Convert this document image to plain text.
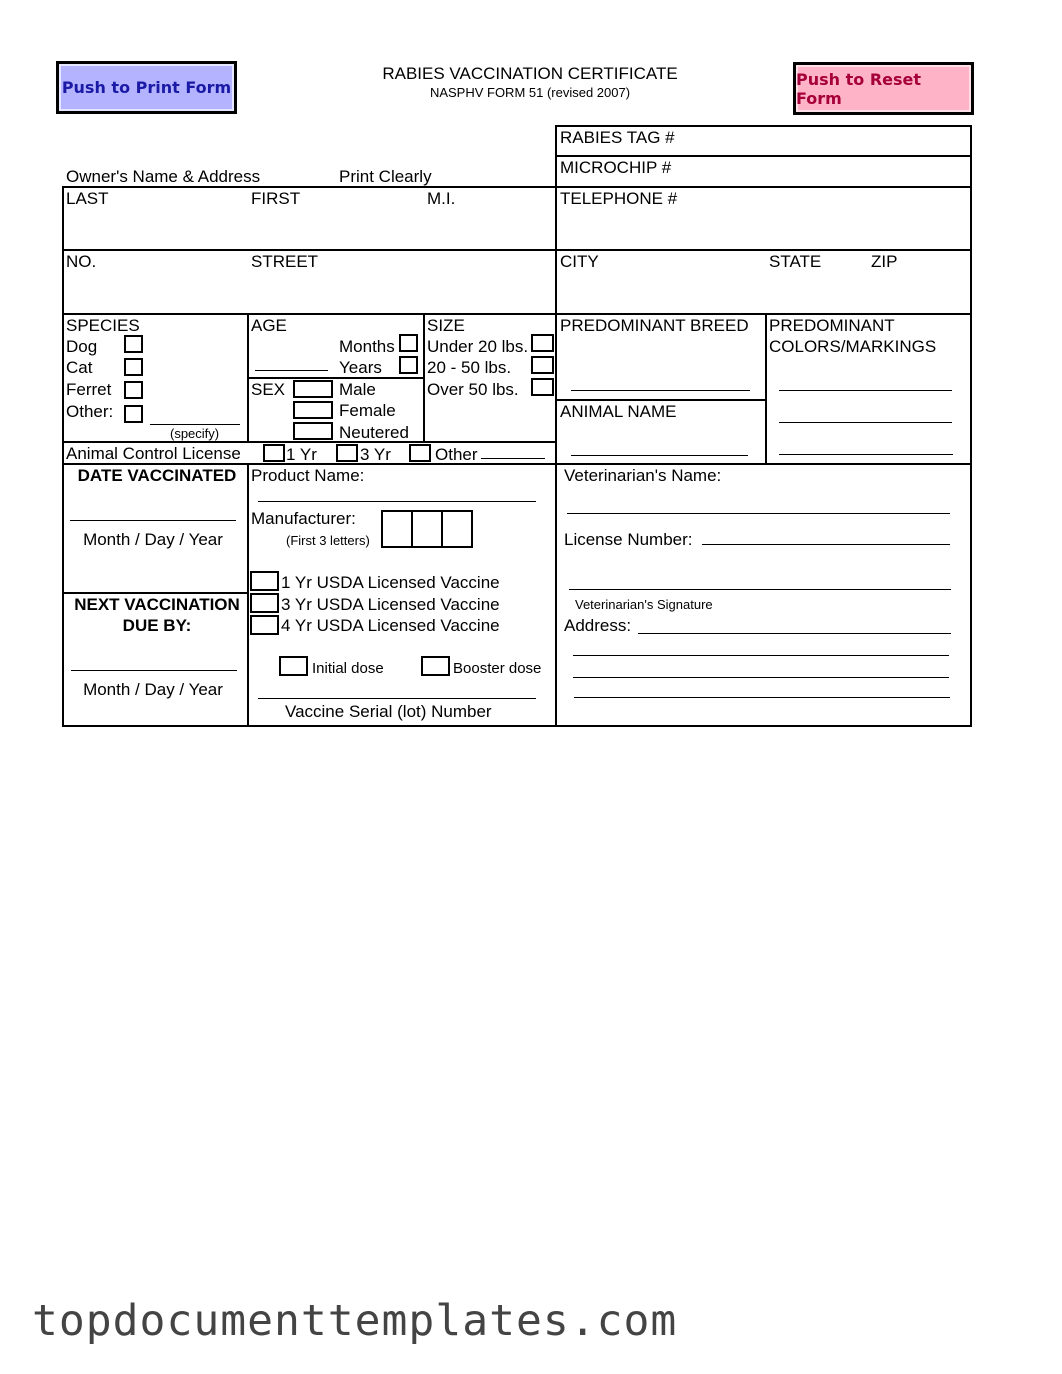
Push to Print Form	Push to Reset Form
RABIES VACCINATION CERTIFICATE
NASPHV FORM 51 (revised 2007)
Owner's Name & Address	Print Clearly
RABIES TAG #
MICROCHIP #
TELEPHONE #
LAST	FIRST	M.I.
NO.	STREET	CITY	STATE	ZIP
SPECIES
Dog
Cat
Ferret
Other:
(specify)
AGE
Months
Years
SEX	Male
Female
Neutered
SIZE
Under 20 lbs.
20 - 50 lbs.
Over 50 lbs.
PREDOMINANT BREED
ANIMAL NAME
PREDOMINANT
COLORS/MARKINGS
Animal Control License	1 Yr	3 Yr	Other
DATE VACCINATED
Month / Day / Year
NEXT VACCINATION
DUE BY:
Month / Day / Year
Product Name:
Manufacturer:
(First 3 letters)
1 Yr USDA Licensed Vaccine
3 Yr USDA Licensed Vaccine
4 Yr USDA Licensed Vaccine
Initial dose	Booster dose
Vaccine Serial (lot) Number
Veterinarian's Name:
License Number:
Veterinarian's Signature
Address:
topdocumenttemplates.com
